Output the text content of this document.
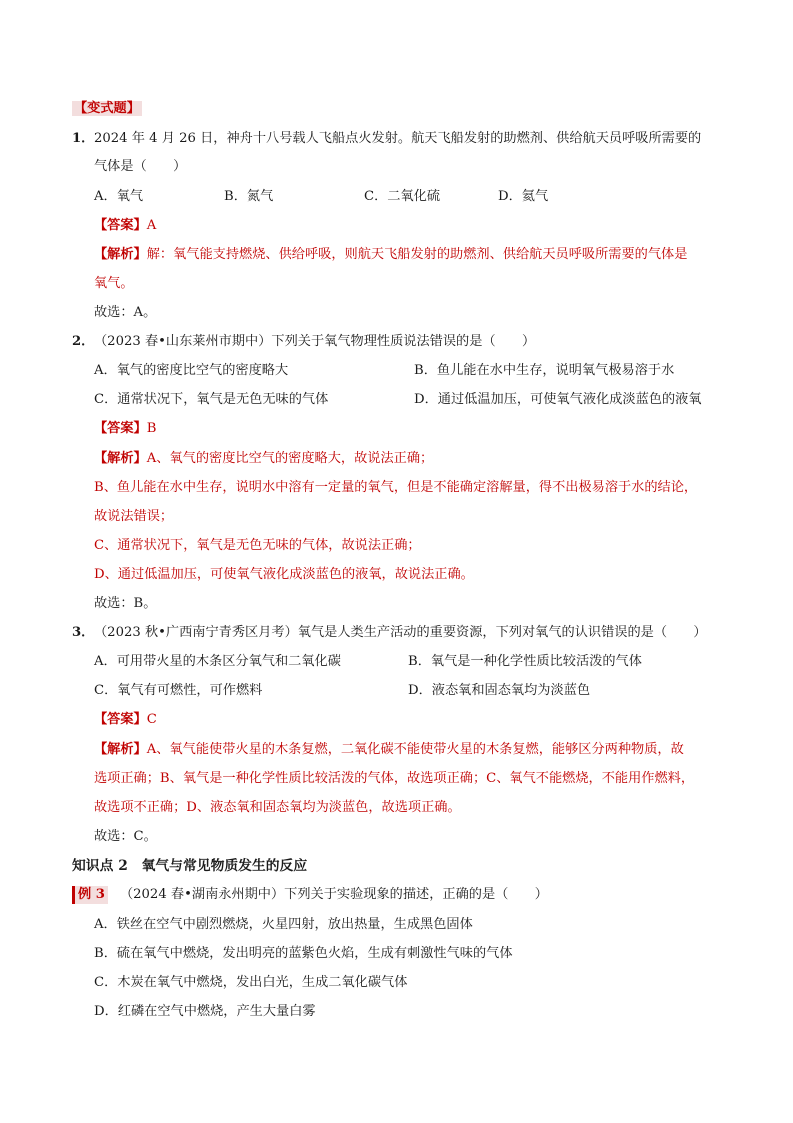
【变式题】
1．2024 年 4 月 26 日，神舟十八号载人飞船点火发射。航天飞船发射的助燃剂、供给航天员呼吸所需要的
气体是（　　）
A．氧气	B．氮气	C．二氧化硫	D．氦气
【答案】A
【解析】解：氧气能支持燃烧、供给呼吸，则航天飞船发射的助燃剂、供给航天员呼吸所需要的气体是
氧气。
故选：A。
2．（2023 春•山东莱州市期中）下列关于氧气物理性质说法错误的是（　　）
A．氧气的密度比空气的密度略大	B．鱼儿能在水中生存，说明氧气极易溶于水
C．通常状况下，氧气是无色无味的气体	D．通过低温加压，可使氧气液化成淡蓝色的液氧
【答案】B
【解析】A、氧气的密度比空气的密度略大，故说法正确；
B、鱼儿能在水中生存，说明水中溶有一定量的氧气，但是不能确定溶解量，得不出极易溶于水的结论，
故说法错误；
C、通常状况下，氧气是无色无味的气体，故说法正确；
D、通过低温加压，可使氧气液化成淡蓝色的液氧，故说法正确。
故选：B。
3．（2023 秋•广西南宁青秀区月考）氧气是人类生产活动的重要资源，下列对氧气的认识错误的是（　　）
A．可用带火星的木条区分氧气和二氧化碳	B．氧气是一种化学性质比较活泼的气体
C．氧气有可燃性，可作燃料	D．液态氧和固态氧均为淡蓝色
【答案】C
【解析】A、氧气能使带火星的木条复燃，二氧化碳不能使带火星的木条复燃，能够区分两种物质，故
选项正确；B、氧气是一种化学性质比较活泼的气体，故选项正确；C、氧气不能燃烧，不能用作燃料，
故选项不正确；D、液态氧和固态氧均为淡蓝色，故选项正确。
故选：C。
知识点 2　氧气与常见物质发生的反应
例 3 （2024 春•湖南永州期中）下列关于实验现象的描述，正确的是（　　）
A．铁丝在空气中剧烈燃烧，火星四射，放出热量，生成黑色固体
B．硫在氧气中燃烧，发出明亮的蓝紫色火焰，生成有刺激性气味的气体
C．木炭在氧气中燃烧，发出白光，生成二氧化碳气体
D．红磷在空气中燃烧，产生大量白雾
